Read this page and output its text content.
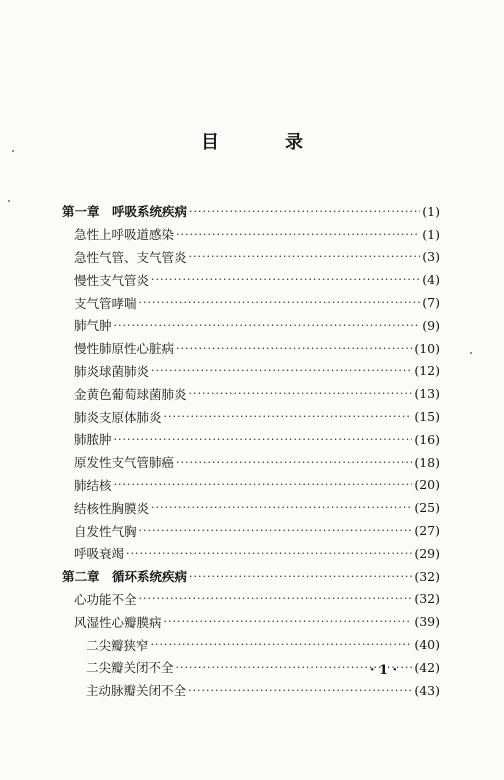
目　录
第一章　呼吸系统疾病 ·····	(1)
急性上呼吸道感染 ·····	(1)
急性气管、支气管炎 ·····	(3)
慢性支气管炎 ·····	(4)
支气管哮喘 ·····	(7)
肺气肿 ·····	(9)
慢性肺原性心脏病 ·····	(10)
肺炎球菌肺炎 ·····	(12)
金黄色葡萄球菌肺炎 ·····	(13)
肺炎支原体肺炎 ·····	(15)
肺脓肿 ·····	(16)
原发性支气管肺癌 ·····	(18)
肺结核 ·····	(20)
结核性胸膜炎 ·····	(25)
自发性气胸 ·····	(27)
呼吸衰竭 ·····	(29)
第二章　循环系统疾病 ·····	(32)
心功能不全 ·····	(32)
风湿性心瓣膜病 ·····	(39)
二尖瓣狭窄 ·····	(40)
二尖瓣关闭不全 ·····	(42)
主动脉瓣关闭不全 ·····	(43)
· 1 ·
